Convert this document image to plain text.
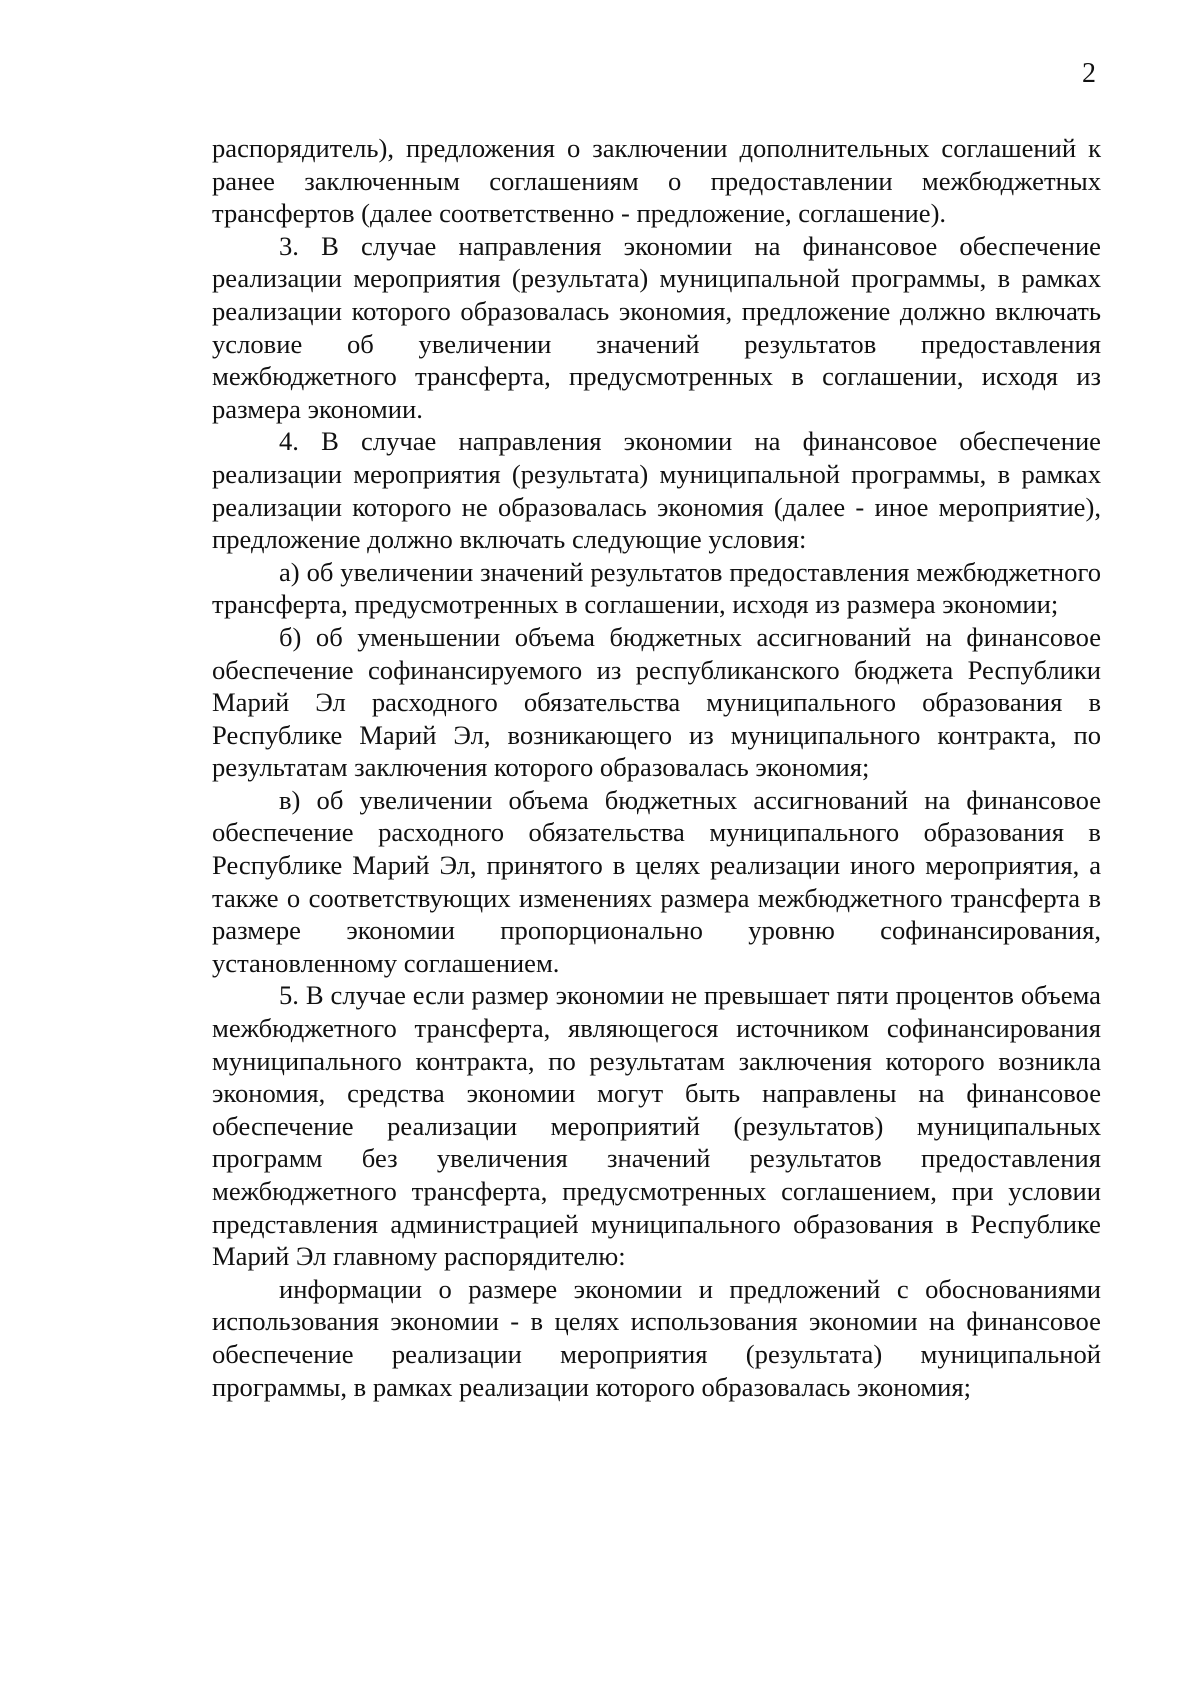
2

распорядитель), предложения о заключении дополнительных соглашений к ранее заключенным соглашениям о предоставлении межбюджетных трансфертов (далее соответственно - предложение, соглашение).

3. В случае направления экономии на финансовое обеспечение реализации мероприятия (результата) муниципальной программы, в рамках реализации которого образовалась экономия, предложение должно включать условие об увеличении значений результатов предоставления межбюджетного трансферта, предусмотренных в соглашении, исходя из размера экономии.

4. В случае направления экономии на финансовое обеспечение реализации мероприятия (результата) муниципальной программы, в рамках реализации которого не образовалась экономия (далее - иное мероприятие), предложение должно включать следующие условия:

а) об увеличении значений результатов предоставления межбюджетного трансферта, предусмотренных в соглашении, исходя из размера экономии;

б) об уменьшении объема бюджетных ассигнований на финансовое обеспечение софинансируемого из республиканского бюджета Республики Марий Эл расходного обязательства муниципального образования в Республике Марий Эл, возникающего из муниципального контракта, по результатам заключения которого образовалась экономия;

в) об увеличении объема бюджетных ассигнований на финансовое обеспечение расходного обязательства муниципального образования в Республике Марий Эл, принятого в целях реализации иного мероприятия, а также о соответствующих изменениях размера межбюджетного трансферта в размере экономии пропорционально уровню софинансирования, установленному соглашением.

5. В случае если размер экономии не превышает пяти процентов объема межбюджетного трансферта, являющегося источником софинансирования муниципального контракта, по результатам заключения которого возникла экономия, средства экономии могут быть направлены на финансовое обеспечение реализации мероприятий (результатов) муниципальных программ без увеличения значений результатов предоставления межбюджетного трансферта, предусмотренных соглашением, при условии представления администрацией муниципального образования в Республике Марий Эл главному распорядителю:

информации о размере экономии и предложений с обоснованиями использования экономии - в целях использования экономии на финансовое обеспечение реализации мероприятия (результата) муниципальной программы, в рамках реализации которого образовалась экономия;
